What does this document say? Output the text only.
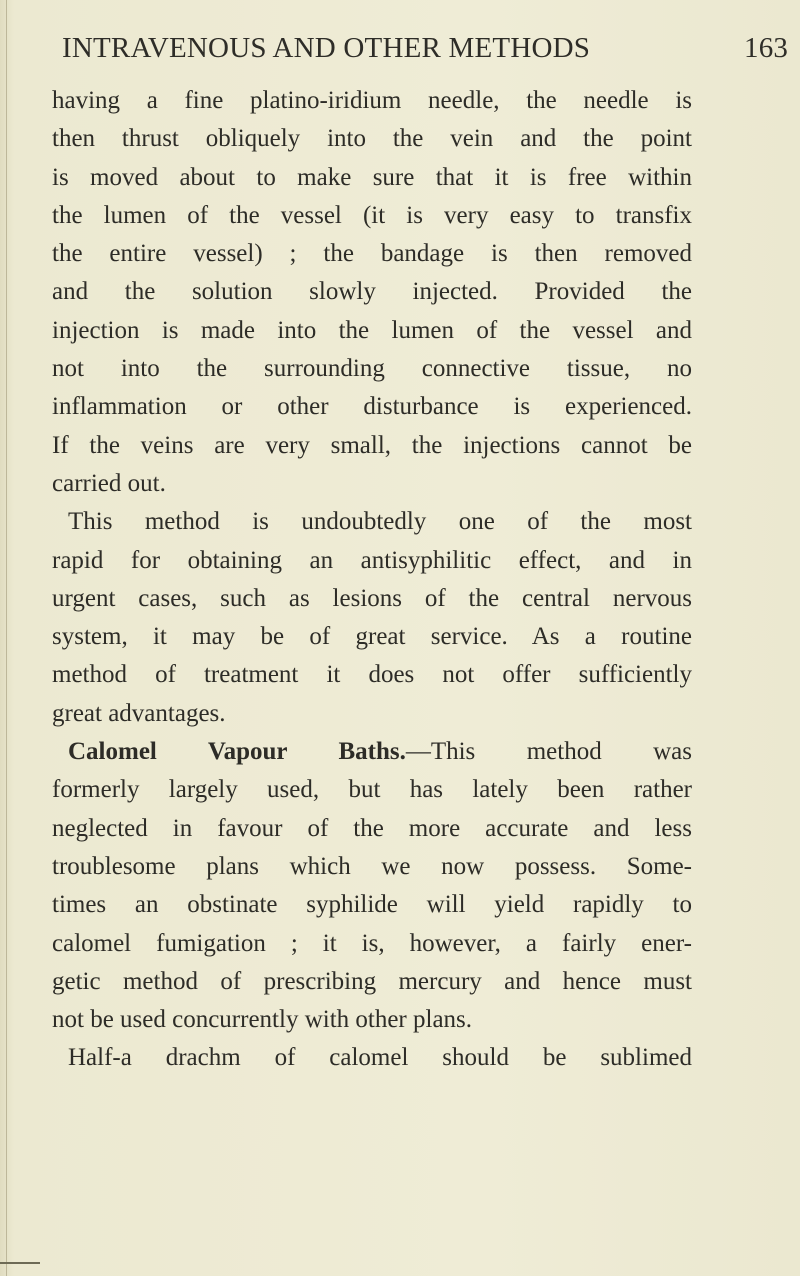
INTRAVENOUS AND OTHER METHODS	163
having a fine platino-iridium needle, the needle is
then thrust obliquely into the vein and the point
is moved about to make sure that it is free within
the lumen of the vessel (it is very easy to transfix
the entire vessel) ; the bandage is then removed
and the solution slowly injected. Provided the
injection is made into the lumen of the vessel and
not into the surrounding connective tissue, no
inflammation or other disturbance is experienced.
If the veins are very small, the injections cannot be
carried out.
This method is undoubtedly one of the most
rapid for obtaining an antisyphilitic effect, and in
urgent cases, such as lesions of the central nervous
system, it may be of great service. As a routine
method of treatment it does not offer sufficiently
great advantages.
Calomel Vapour Baths.—This method was
formerly largely used, but has lately been rather
neglected in favour of the more accurate and less
troublesome plans which we now possess. Some-
times an obstinate syphilide will yield rapidly to
calomel fumigation ; it is, however, a fairly ener-
getic method of prescribing mercury and hence must
not be used concurrently with other plans.
Half-a drachm of calomel should be sublimed
